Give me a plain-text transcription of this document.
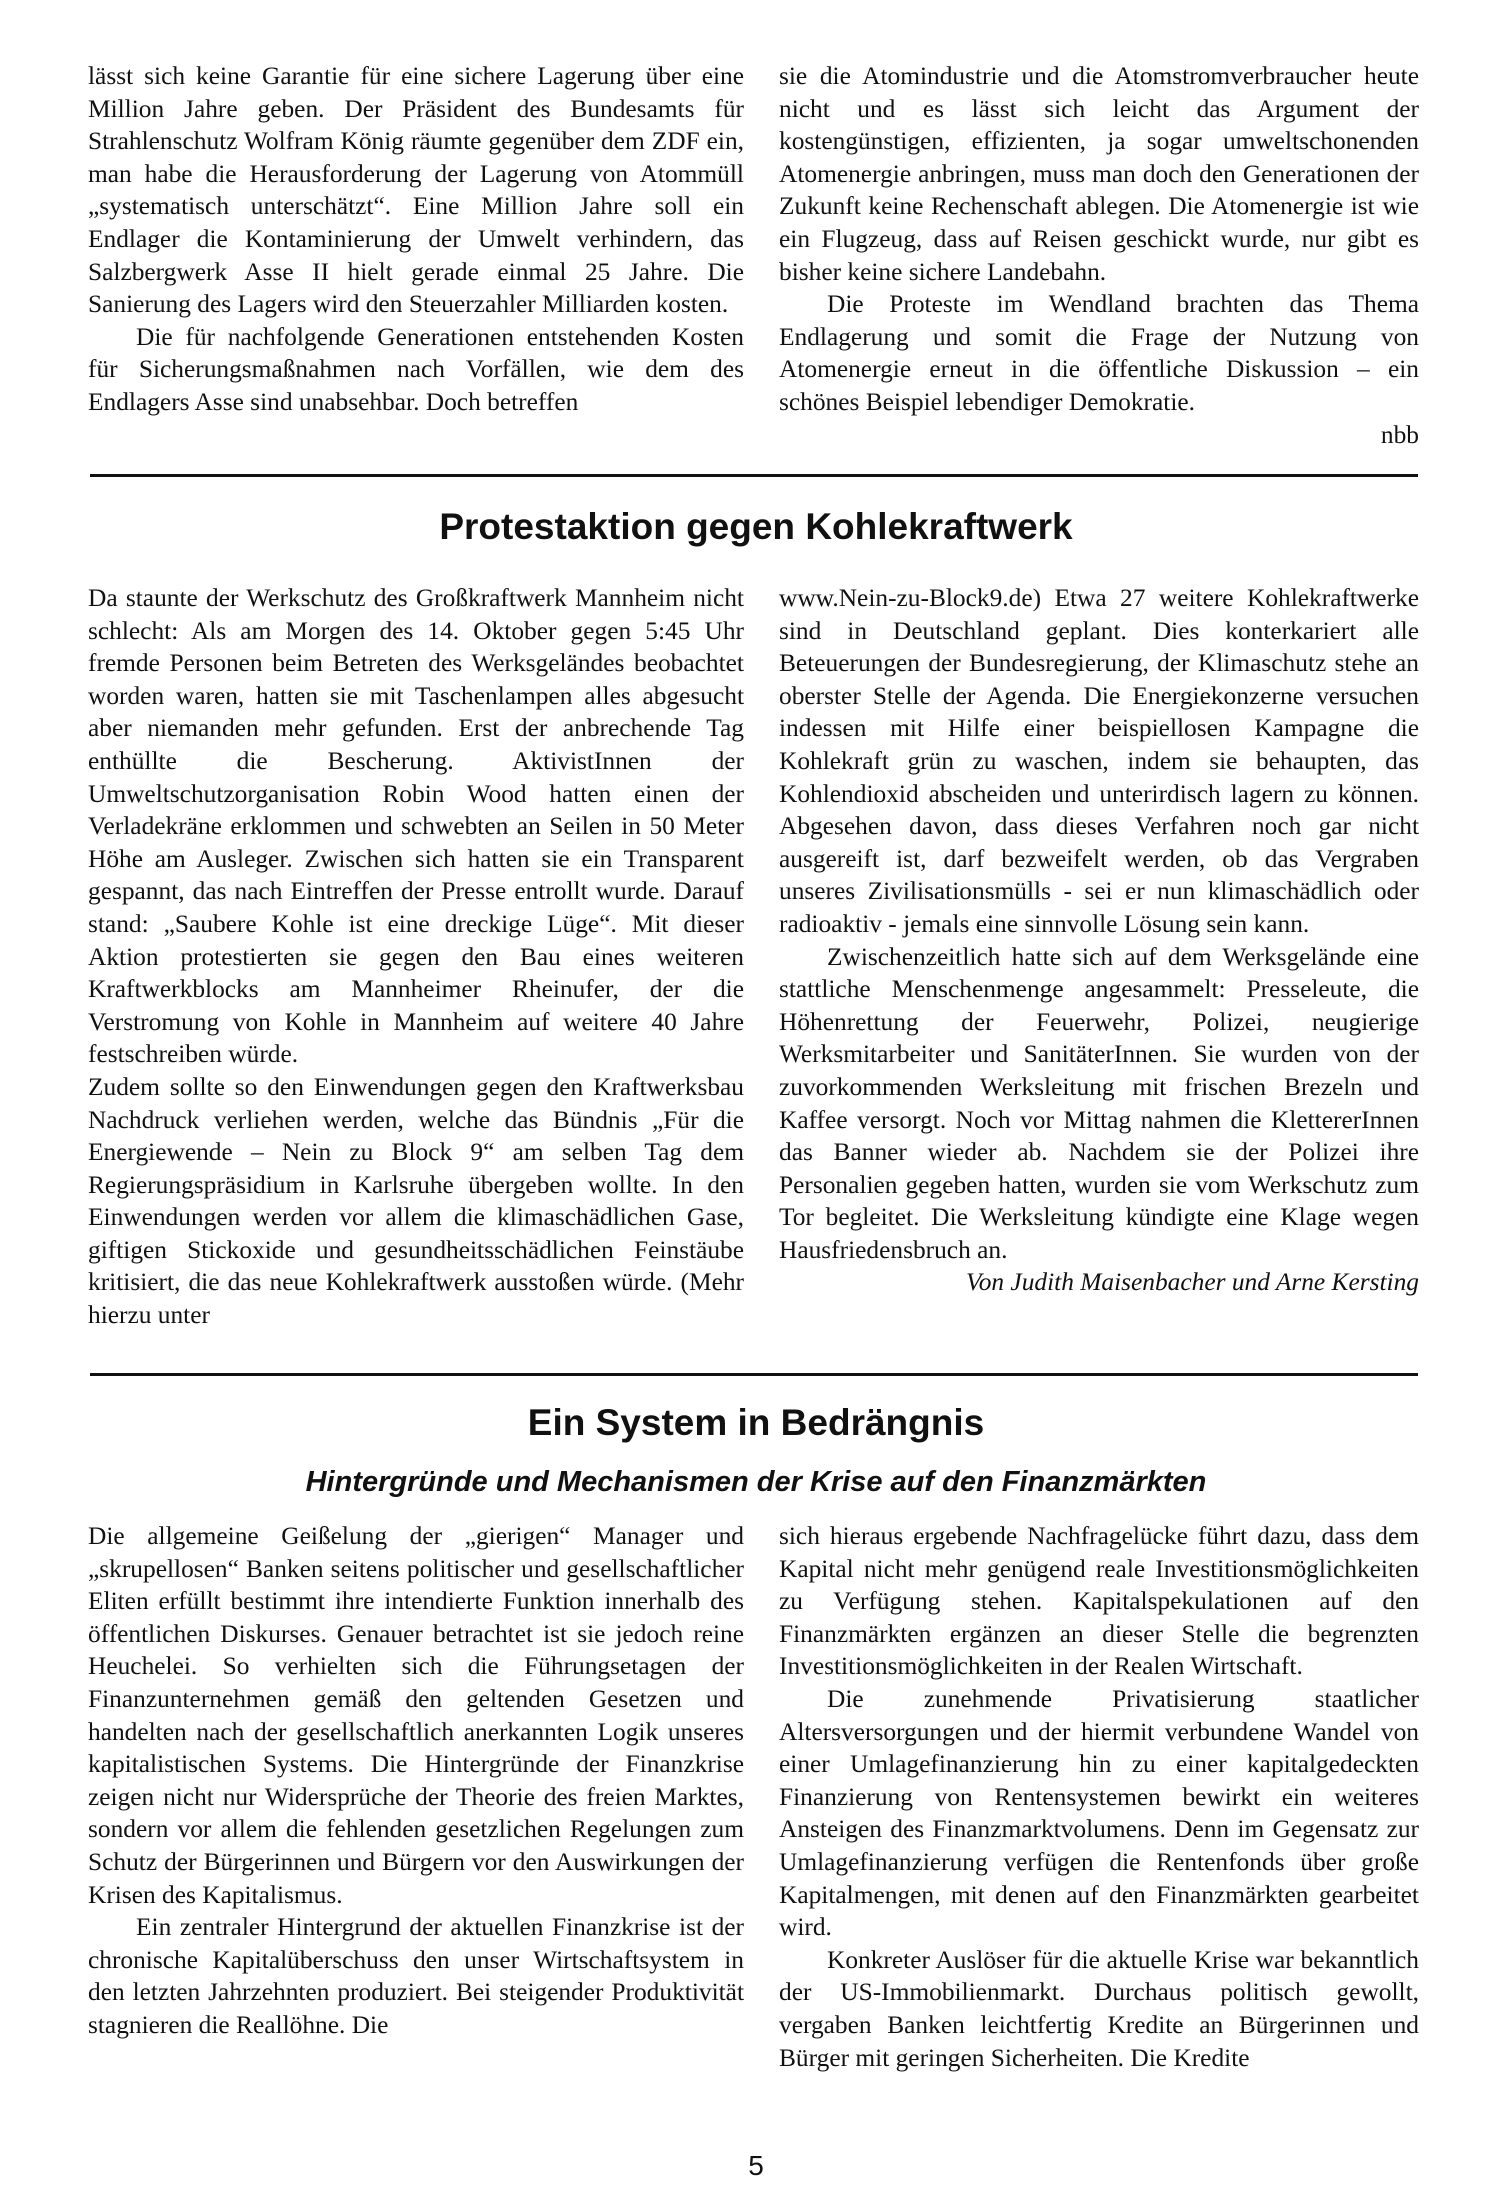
lässt sich keine Garantie für eine sichere Lagerung über eine Million Jahre geben. Der Präsident des Bundesamts für Strahlenschutz Wolfram König räumte gegenüber dem ZDF ein, man habe die Herausforderung der Lagerung von Atommüll „systematisch unterschätzt“. Eine Million Jahre soll ein Endlager die Kontaminierung der Umwelt verhindern, das Salzbergwerk Asse II hielt gerade einmal 25 Jahre. Die Sanierung des Lagers wird den Steuerzahler Milliarden kosten.

Die für nachfolgende Generationen entstehenden Kosten für Sicherungsmaßnahmen nach Vorfällen, wie dem des Endlagers Asse sind unabsehbar. Doch betreffen

sie die Atomindustrie und die Atomstromverbraucher heute nicht und es lässt sich leicht das Argument der kostengünstigen, effizienten, ja sogar umweltschonenden Atomenergie anbringen, muss man doch den Generationen der Zukunft keine Rechenschaft ablegen. Die Atomenergie ist wie ein Flugzeug, dass auf Reisen geschickt wurde, nur gibt es bisher keine sichere Landebahn.

Die Proteste im Wendland brachten das Thema Endlagerung und somit die Frage der Nutzung von Atomenergie erneut in die öffentliche Diskussion – ein schönes Beispiel lebendiger Demokratie.

nbb

Protestaktion gegen Kohlekraftwerk

Da staunte der Werkschutz des Großkraftwerk Mannheim nicht schlecht: Als am Morgen des 14. Oktober gegen 5:45 Uhr fremde Personen beim Betreten des Werksgeländes beobachtet worden waren, hatten sie mit Taschenlampen alles abgesucht aber niemanden mehr gefunden. Erst der anbrechende Tag enthüllte die Bescherung. AktivistInnen der Umweltschutzorganisation Robin Wood hatten einen der Verladekräne erklommen und schwebten an Seilen in 50 Meter Höhe am Ausleger. Zwischen sich hatten sie ein Transparent gespannt, das nach Eintreffen der Presse entrollt wurde. Darauf stand: „Saubere Kohle ist eine dreckige Lüge“. Mit dieser Aktion protestierten sie gegen den Bau eines weiteren Kraftwerkblocks am Mannheimer Rheinufer, der die Verstromung von Kohle in Mannheim auf weitere 40 Jahre festschreiben würde.

Zudem sollte so den Einwendungen gegen den Kraftwerksbau Nachdruck verliehen werden, welche das Bündnis „Für die Energiewende – Nein zu Block 9“ am selben Tag dem Regierungspräsidium in Karlsruhe übergeben wollte. In den Einwendungen werden vor allem die klimaschädlichen Gase, giftigen Stickoxide und gesundheitsschädlichen Feinstäube kritisiert, die das neue Kohlekraftwerk ausstoßen würde. (Mehr hierzu unter

www.Nein-zu-Block9.de) Etwa 27 weitere Kohlekraftwerke sind in Deutschland geplant. Dies konterkariert alle Beteuerungen der Bundesregierung, der Klimaschutz stehe an oberster Stelle der Agenda. Die Energiekonzerne versuchen indessen mit Hilfe einer beispiellosen Kampagne die Kohlekraft grün zu waschen, indem sie behaupten, das Kohlendioxid abscheiden und unterirdisch lagern zu können. Abgesehen davon, dass dieses Verfahren noch gar nicht ausgereift ist, darf bezweifelt werden, ob das Vergraben unseres Zivilisationsmülls - sei er nun klimaschädlich oder radioaktiv - jemals eine sinnvolle Lösung sein kann.

Zwischenzeitlich hatte sich auf dem Werksgelände eine stattliche Menschenmenge angesammelt: Presseleute, die Höhenrettung der Feuerwehr, Polizei, neugierige Werksmitarbeiter und SanitäterInnen. Sie wurden von der zuvorkommenden Werksleitung mit frischen Brezeln und Kaffee versorgt. Noch vor Mittag nahmen die KlettererInnen das Banner wieder ab. Nachdem sie der Polizei ihre Personalien gegeben hatten, wurden sie vom Werkschutz zum Tor begleitet. Die Werksleitung kündigte eine Klage wegen Hausfriedensbruch an.

Von Judith Maisenbacher und Arne Kersting

Ein System in Bedrängnis
Hintergründe und Mechanismen der Krise auf den Finanzmärkten

Die allgemeine Geißelung der „gierigen“ Manager und „skrupellosen“ Banken seitens politischer und gesellschaftlicher Eliten erfüllt bestimmt ihre intendierte Funktion innerhalb des öffentlichen Diskurses. Genauer betrachtet ist sie jedoch reine Heuchelei. So verhielten sich die Führungsetagen der Finanzunternehmen gemäß den geltenden Gesetzen und handelten nach der gesellschaftlich anerkannten Logik unseres kapitalistischen Systems. Die Hintergründe der Finanzkrise zeigen nicht nur Widersprüche der Theorie des freien Marktes, sondern vor allem die fehlenden gesetzlichen Regelungen zum Schutz der Bürgerinnen und Bürgern vor den Auswirkungen der Krisen des Kapitalismus.

Ein zentraler Hintergrund der aktuellen Finanzkrise ist der chronische Kapitalüberschuss den unser Wirtschaftsystem in den letzten Jahrzehnten produziert. Bei steigender Produktivität stagnieren die Reallöhne. Die

sich hieraus ergebende Nachfragelücke führt dazu, dass dem Kapital nicht mehr genügend reale Investitionsmöglichkeiten zu Verfügung stehen. Kapitalspekulationen auf den Finanzmärkten ergänzen an dieser Stelle die begrenzten Investitionsmöglichkeiten in der Realen Wirtschaft.

Die zunehmende Privatisierung staatlicher Altersversorgungen und der hiermit verbundene Wandel von einer Umlagefinanzierung hin zu einer kapitalgedeckten Finanzierung von Rentensystemen bewirkt ein weiteres Ansteigen des Finanzmarktvolumens. Denn im Gegensatz zur Umlagefinanzierung verfügen die Rentenfonds über große Kapitalmengen, mit denen auf den Finanzmärkten gearbeitet wird.

Konkreter Auslöser für die aktuelle Krise war bekanntlich der US-Immobilienmarkt. Durchaus politisch gewollt, vergaben Banken leichtfertig Kredite an Bürgerinnen und Bürger mit geringen Sicherheiten. Die Kredite

5
